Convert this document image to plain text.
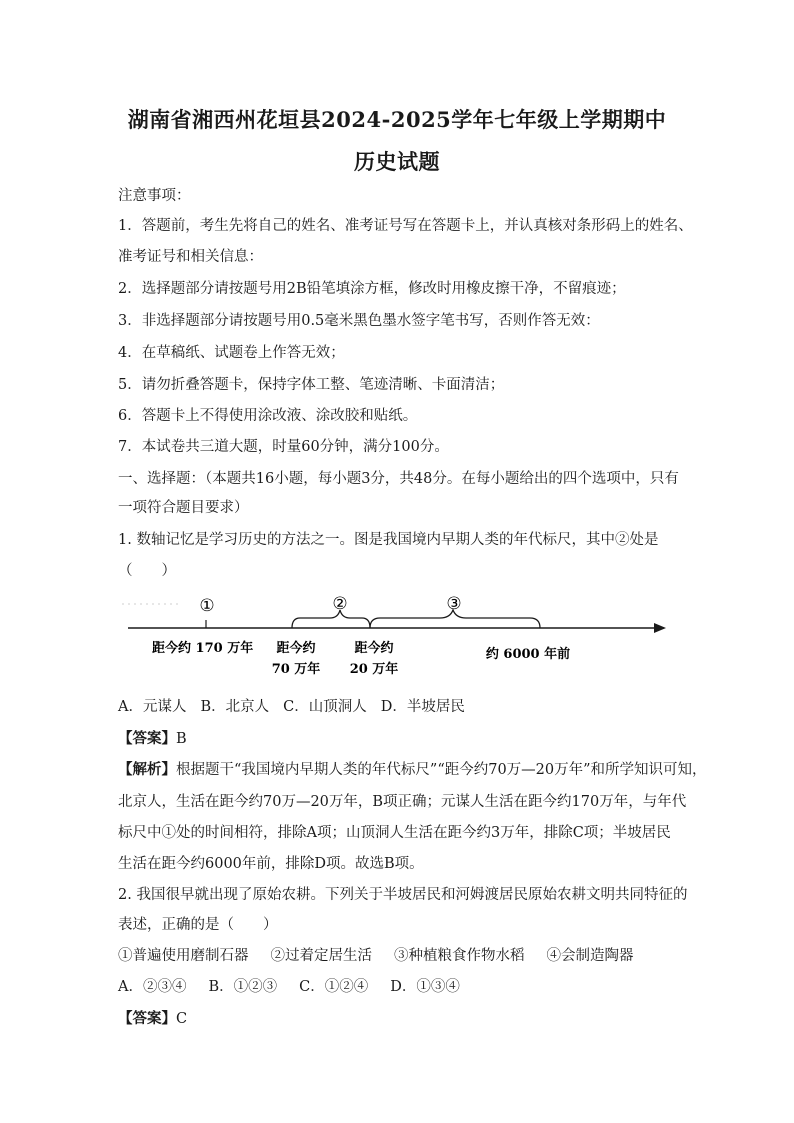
湖南省湘西州花垣县2024-2025学年七年级上学期期中
历史试题
注意事项：
1．答题前，考生先将自己的姓名、准考证号写在答题卡上，并认真核对条形码上的姓名、
准考证号和相关信息：
2．选择题部分请按题号用2B铅笔填涂方框，修改时用橡皮擦干净，不留痕迹；
3．非选择题部分请按题号用0.5毫米黑色墨水签字笔书写，否则作答无效：
4．在草稿纸、试题卷上作答无效；
5．请勿折叠答题卡，保持字体工整、笔迹清晰、卡面清洁；
6．答题卡上不得使用涂改液、涂改胶和贴纸。
7．本试卷共三道大题，时量60分钟，满分100分。
一、选择题：（本题共16小题，每小题3分，共48分。在每小题给出的四个选项中，只有
一项符合题目要求）
1. 数轴记忆是学习历史的方法之一。图是我国境内早期人类的年代标尺，其中②处是
（　　）
①	②	③
距今约 170 万年 距今约
70 万年
距今约
20 万年
约 6000 年前
A．元谋人 B．北京人 C．山顶洞人 D．半坡居民
【答案】B
【解析】根据题干“我国境内早期人类的年代标尺”“距今约70万—20万年”和所学知识可知，
北京人，生活在距今约70万—20万年，B项正确；元谋人生活在距今约170万年，与年代
标尺中①处的时间相符，排除A项；山顶洞人生活在距今约3万年，排除C项；半坡居民
生活在距今约6000年前，排除D项。故选B项。
2. 我国很早就出现了原始农耕。下列关于半坡居民和河姆渡居民原始农耕文明共同特征的
表述，正确的是（　　）
①普遍使用磨制石器 ②过着定居生活 ③种植粮食作物水稻 ④会制造陶器
A．②③④ B．①②③ C．①②④ D．①③④
【答案】C
